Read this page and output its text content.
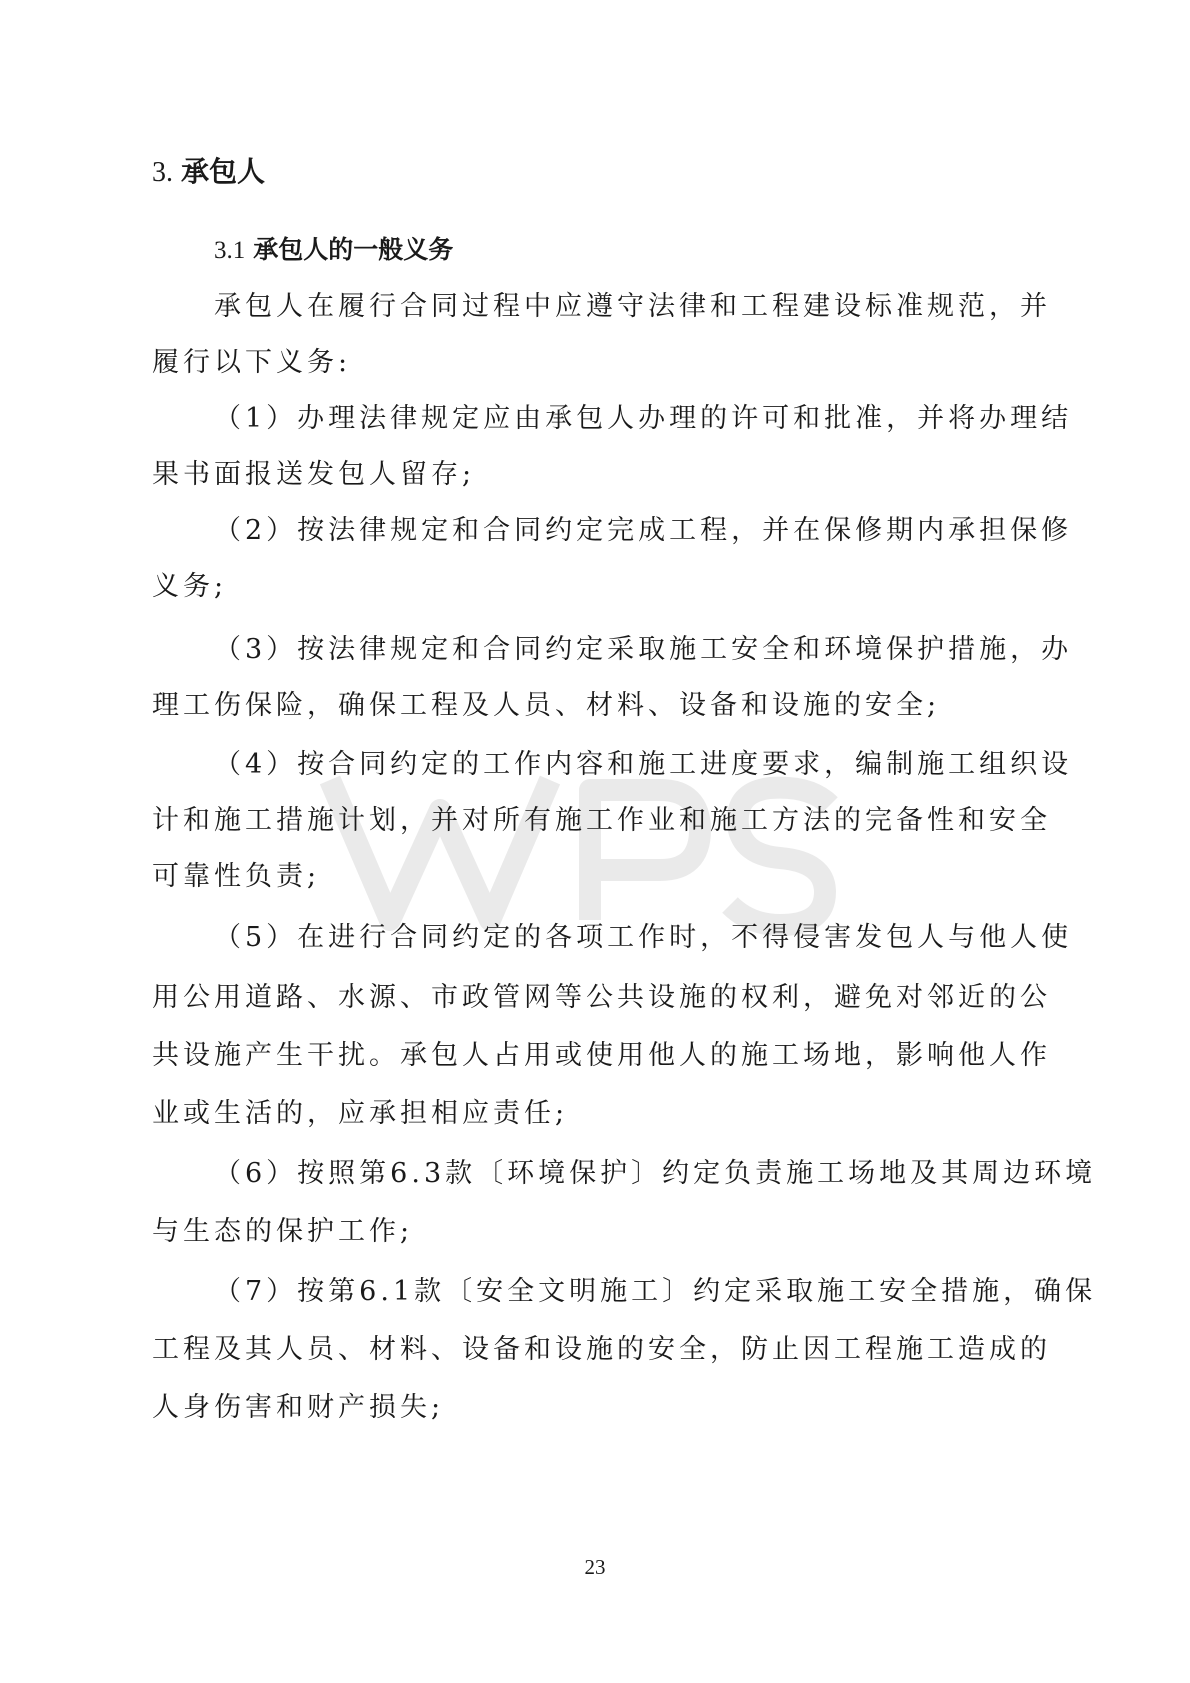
3. 承包人
3.1 承包人的一般义务
承包人在履行合同过程中应遵守法律和工程建设标准规范，并
履行以下义务:
（1）办理法律规定应由承包人办理的许可和批准，并将办理结
果书面报送发包人留存;
（2）按法律规定和合同约定完成工程，并在保修期内承担保修
义务;
（3）按法律规定和合同约定采取施工安全和环境保护措施，办
理工伤保险，确保工程及人员、材料、设备和设施的安全;
（4）按合同约定的工作内容和施工进度要求，编制施工组织设
计和施工措施计划，并对所有施工作业和施工方法的完备性和安全
可靠性负责;
（5）在进行合同约定的各项工作时，不得侵害发包人与他人使
用公用道路、水源、市政管网等公共设施的权利，避免对邻近的公
共设施产生干扰。承包人占用或使用他人的施工场地，影响他人作
业或生活的，应承担相应责任;
（6）按照第6.3款〔环境保护〕约定负责施工场地及其周边环境
与生态的保护工作;
（7）按第6.1款〔安全文明施工〕约定采取施工安全措施，确保
工程及其人员、材料、设备和设施的安全，防止因工程施工造成的
人身伤害和财产损失;
23
